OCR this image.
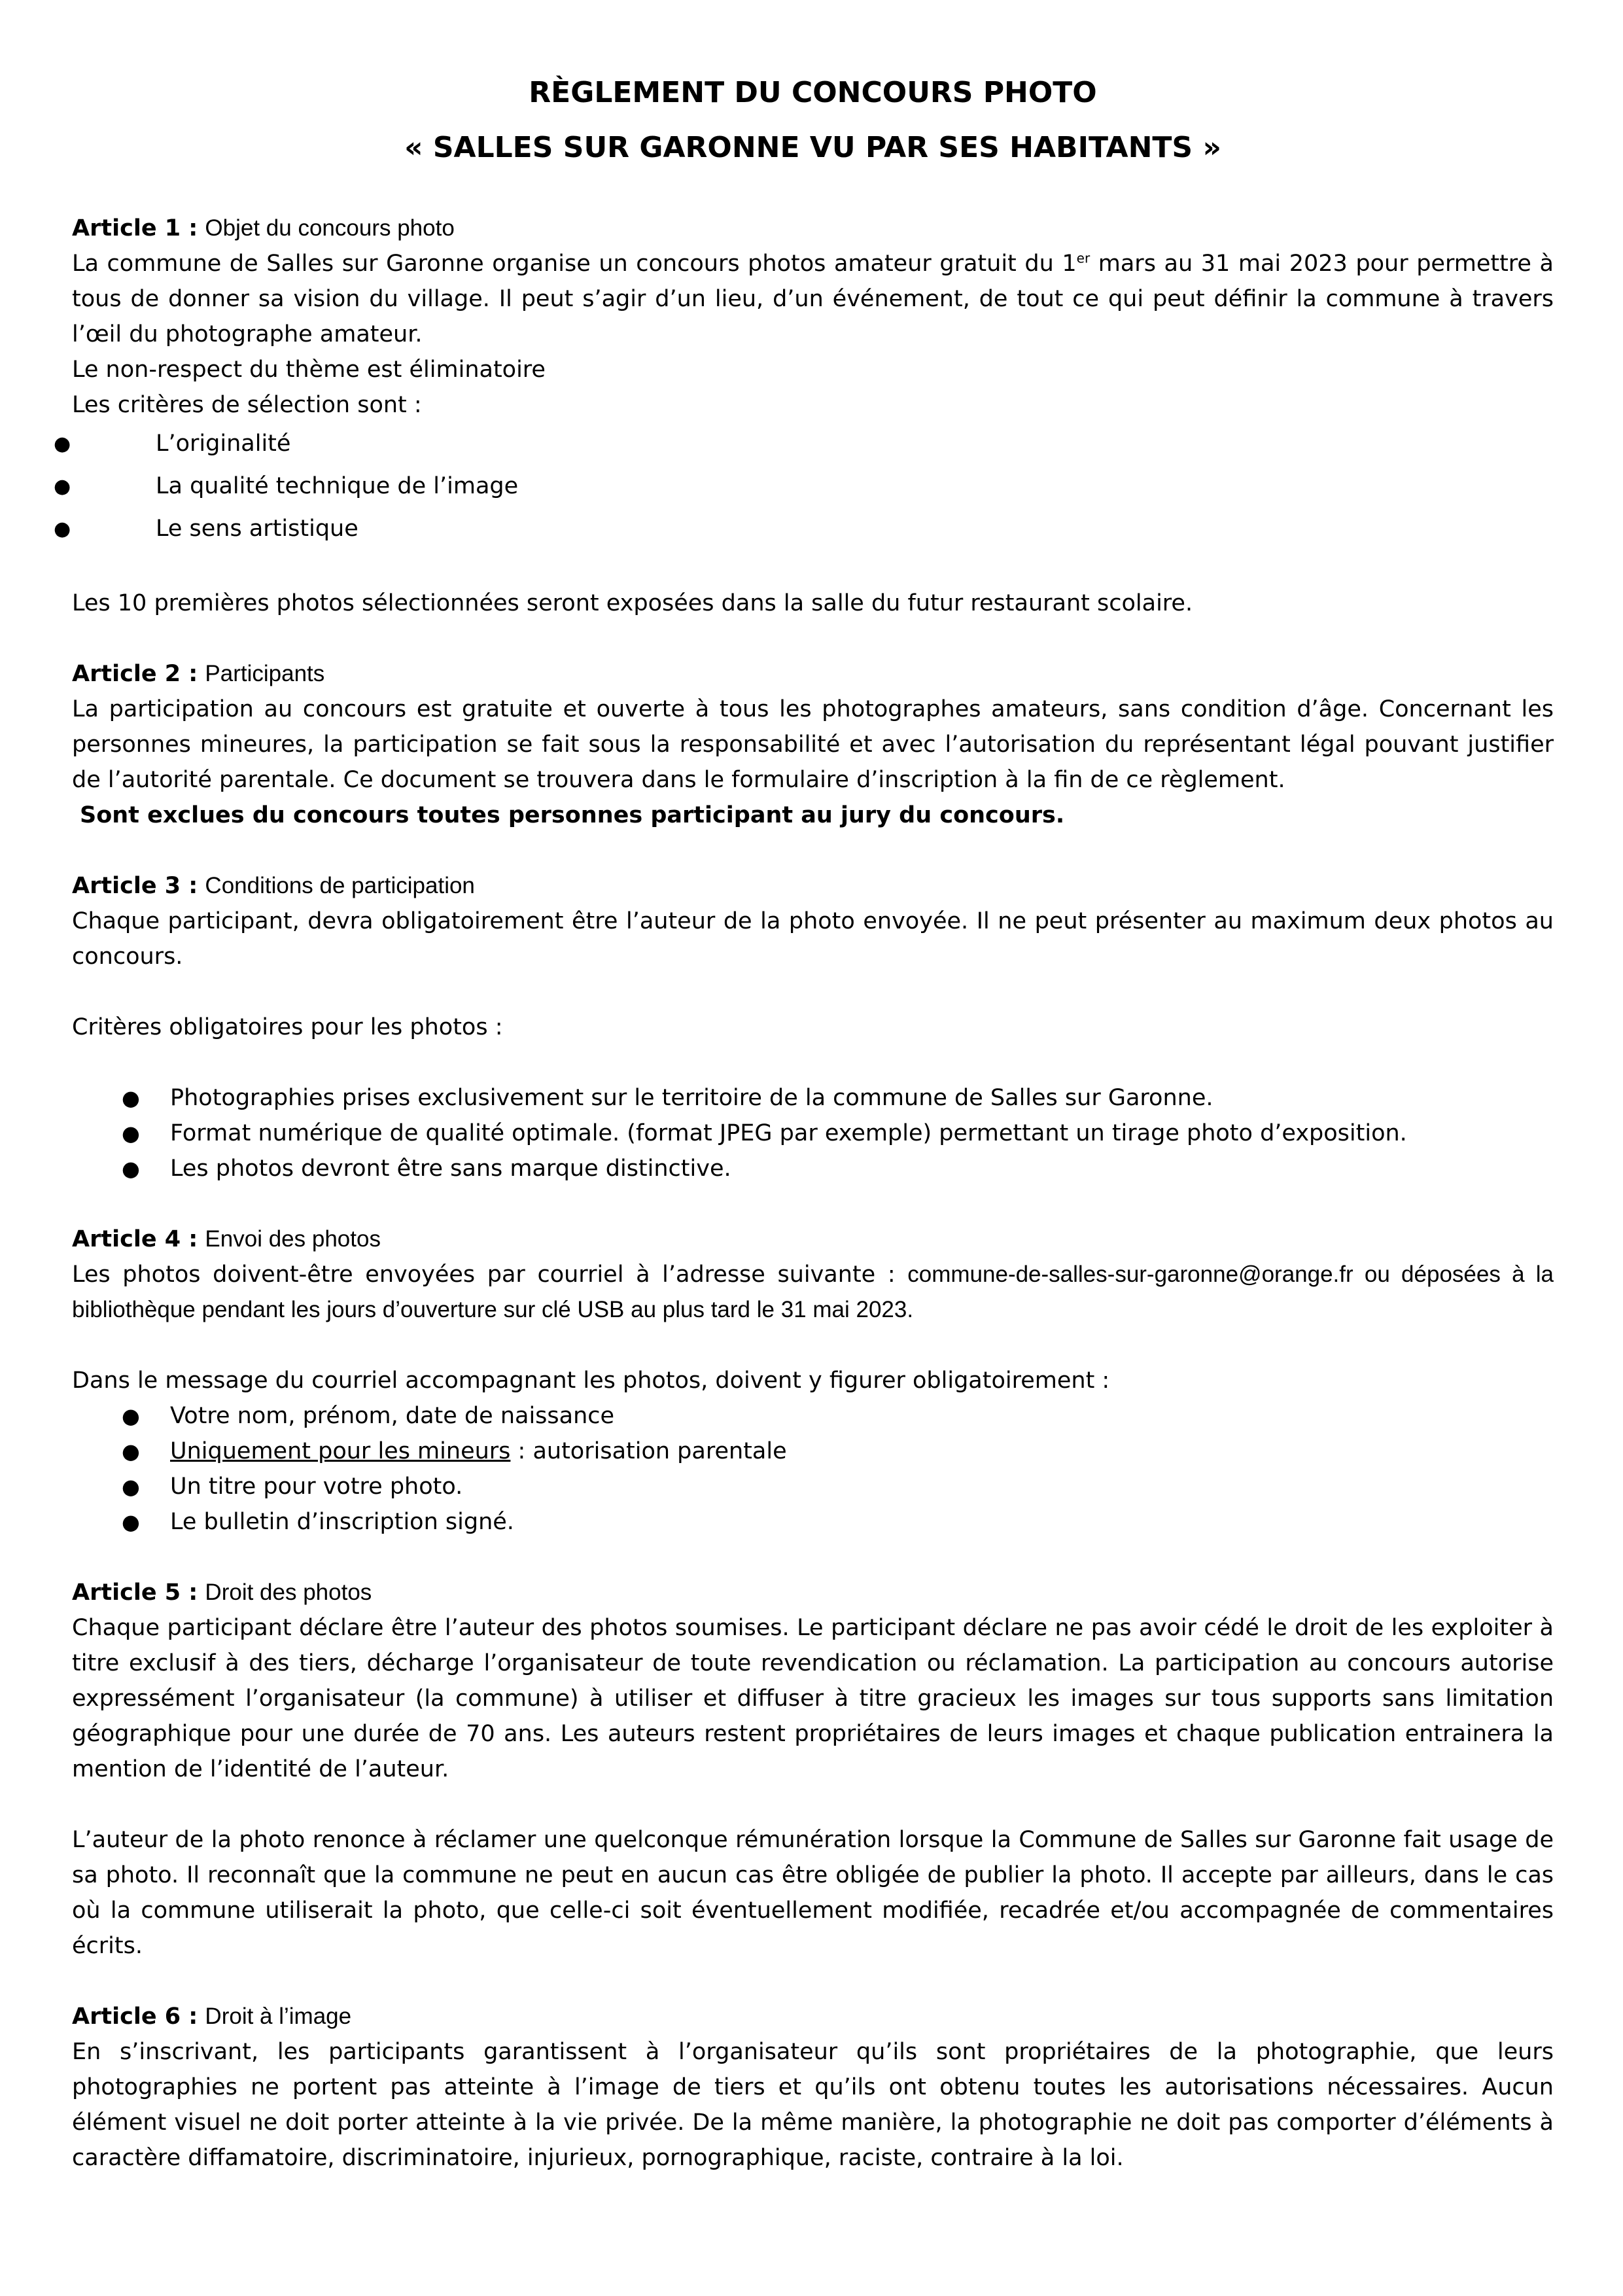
RÈGLEMENT DU CONCOURS PHOTO
« SALLES SUR GARONNE VU PAR SES HABITANTS »
Article 1 : Objet du concours photo

La commune de Salles sur Garonne organise un concours photos amateur gratuit du 1er mars au 31 mai 2023 pour permettre à tous de donner sa vision du village. Il peut s’agir d’un lieu, d’un événement, de tout ce qui peut définir la commune à travers l’œil du photographe amateur.

Le non-respect du thème est éliminatoire

Les critères de sélection sont :

●	L’originalité
●	La qualité technique de l’image
●	Le sens artistique

Les 10 premières photos sélectionnées seront exposées dans la salle du futur restaurant scolaire.

Article 2 : Participants

La participation au concours est gratuite et ouverte à tous les photographes amateurs, sans condition d’âge. Concernant les personnes mineures, la participation se fait sous la responsabilité et avec l’autorisation du représentant légal pouvant justifier de l’autorité parentale. Ce document se trouvera dans le formulaire d’inscription à la fin de ce règlement.

Sont exclues du concours toutes personnes participant au jury du concours.
Article 3 : Conditions de participation

Chaque participant, devra obligatoirement être l’auteur de la photo envoyée. Il ne peut présenter au maximum deux photos au concours.

Critères obligatoires pour les photos :

● Photographies prises exclusivement sur le territoire de la commune de Salles sur Garonne.
● Format numérique de qualité optimale. (format JPEG par exemple) permettant un tirage photo d’exposition.
● Les photos devront être sans marque distinctive.
Article 4 : Envoi des photos

Les photos doivent-être envoyées par courriel à l’adresse suivante : commune-de-salles-sur-garonne@orange.fr ou déposées à la bibliothèque pendant les jours d’ouverture sur clé USB au plus tard le 31 mai 2023.

Dans le message du courriel accompagnant les photos, doivent y figurer obligatoirement :

● Votre nom, prénom, date de naissance
● Uniquement pour les mineurs : autorisation parentale
● Un titre pour votre photo.
● Le bulletin d’inscription signé.
Article 5 : Droit des photos

Chaque participant déclare être l’auteur des photos soumises. Le participant déclare ne pas avoir cédé le droit de les exploiter à titre exclusif à des tiers, décharge l’organisateur de toute revendication ou réclamation. La participation au concours autorise expressément l’organisateur (la commune) à utiliser et diffuser à titre gracieux les images sur tous supports sans limitation géographique pour une durée de 70 ans. Les auteurs restent propriétaires de leurs images et chaque publication entrainera la mention de l’identité de l’auteur.

L’auteur de la photo renonce à réclamer une quelconque rémunération lorsque la Commune de Salles sur Garonne fait usage de sa photo. Il reconnaît que la commune ne peut en aucun cas être obligée de publier la photo. Il accepte par ailleurs, dans le cas où la commune utiliserait la photo, que celle-ci soit éventuellement modifiée, recadrée et/ou accompagnée de commentaires écrits.

Article 6 : Droit à l’image

En s’inscrivant, les participants garantissent à l’organisateur qu’ils sont propriétaires de la photographie, que leurs photographies ne portent pas atteinte à l’image de tiers et qu’ils ont obtenu toutes les autorisations nécessaires. Aucun élément visuel ne doit porter atteinte à la vie privée. De la même manière, la photographie ne doit pas comporter d’éléments à caractère diffamatoire, discriminatoire, injurieux, pornographique, raciste, contraire à la loi.
